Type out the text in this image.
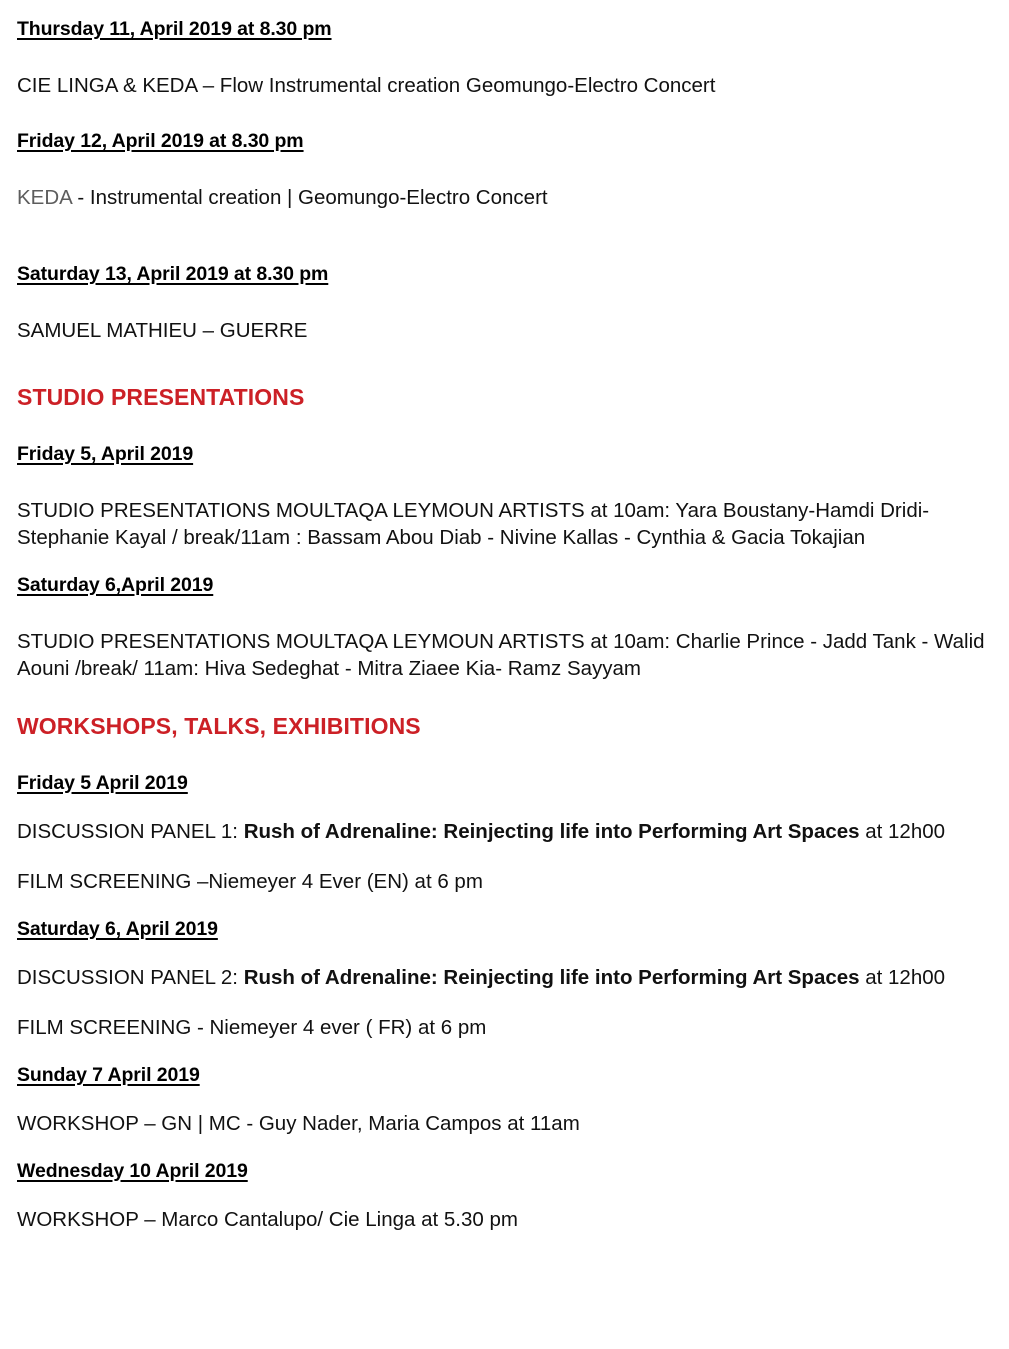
Thursday 11, April 2019 at 8.30 pm

CIE LINGA & KEDA – Flow Instrumental creation Geomungo-Electro Concert

Friday 12, April 2019 at 8.30 pm

KEDA - Instrumental creation | Geomungo-Electro Concert

Saturday 13, April 2019 at 8.30 pm

SAMUEL MATHIEU – GUERRE

STUDIO PRESENTATIONS

Friday 5, April 2019

STUDIO PRESENTATIONS MOULTAQA LEYMOUN ARTISTS at 10am: Yara Boustany-Hamdi Dridi-Stephanie Kayal / break/11am : Bassam Abou Diab - Nivine Kallas - Cynthia & Gacia Tokajian

Saturday 6,April 2019

STUDIO PRESENTATIONS MOULTAQA LEYMOUN ARTISTS at 10am: Charlie Prince - Jadd Tank - Walid Aouni /break/ 11am: Hiva Sedeghat - Mitra Ziaee Kia- Ramz Sayyam

WORKSHOPS, TALKS, EXHIBITIONS

Friday 5 April 2019

DISCUSSION PANEL 1: Rush of Adrenaline: Reinjecting life into Performing Art Spaces at 12h00

FILM SCREENING –Niemeyer 4 Ever (EN) at 6 pm

Saturday 6, April 2019

DISCUSSION PANEL 2: Rush of Adrenaline: Reinjecting life into Performing Art Spaces at 12h00

FILM SCREENING - Niemeyer 4 ever ( FR) at 6 pm

Sunday 7 April 2019

WORKSHOP – GN | MC - Guy Nader, Maria Campos at 11am

Wednesday 10 April 2019

WORKSHOP – Marco Cantalupo/ Cie Linga at 5.30 pm
